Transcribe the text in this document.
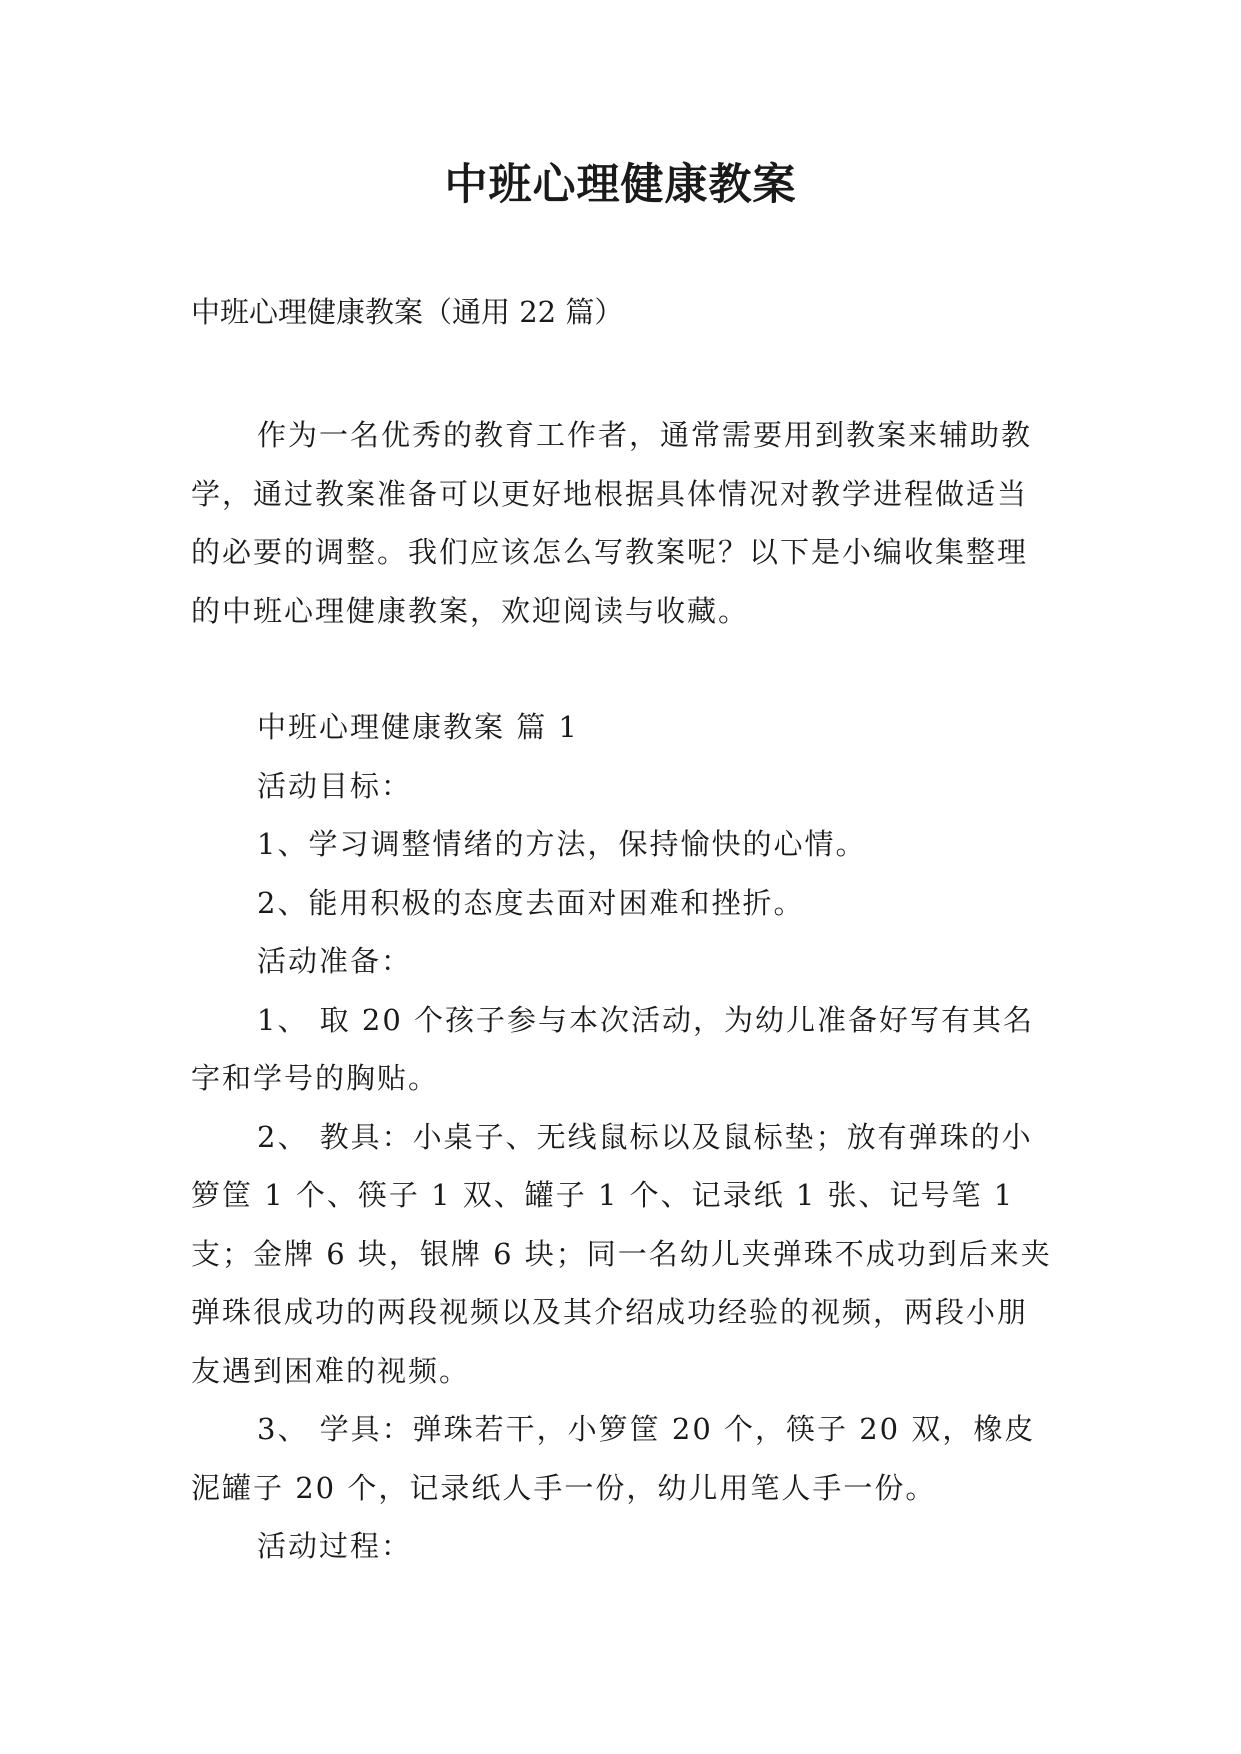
中班心理健康教案

中班心理健康教案（通用 22 篇）

作为一名优秀的教育工作者，通常需要用到教案来辅助教学，通过教案准备可以更好地根据具体情况对教学进程做适当的必要的调整。我们应该怎么写教案呢？以下是小编收集整理的中班心理健康教案，欢迎阅读与收藏。

中班心理健康教案 篇 1

活动目标：

1、学习调整情绪的方法，保持愉快的心情。

2、能用积极的态度去面对困难和挫折。

活动准备：

1、 取 20 个孩子参与本次活动，为幼儿准备好写有其名字和学号的胸贴。

2、 教具：小桌子、无线鼠标以及鼠标垫；放有弹珠的小箩筐 1 个、筷子 1 双、罐子 1 个、记录纸 1 张、记号笔 1 支；金牌 6 块，银牌 6 块；同一名幼儿夹弹珠不成功到后来夹弹珠很成功的两段视频以及其介绍成功经验的视频，两段小朋友遇到困难的视频。

3、 学具：弹珠若干，小箩筐 20 个，筷子 20 双，橡皮泥罐子 20 个，记录纸人手一份，幼儿用笔人手一份。

活动过程：
